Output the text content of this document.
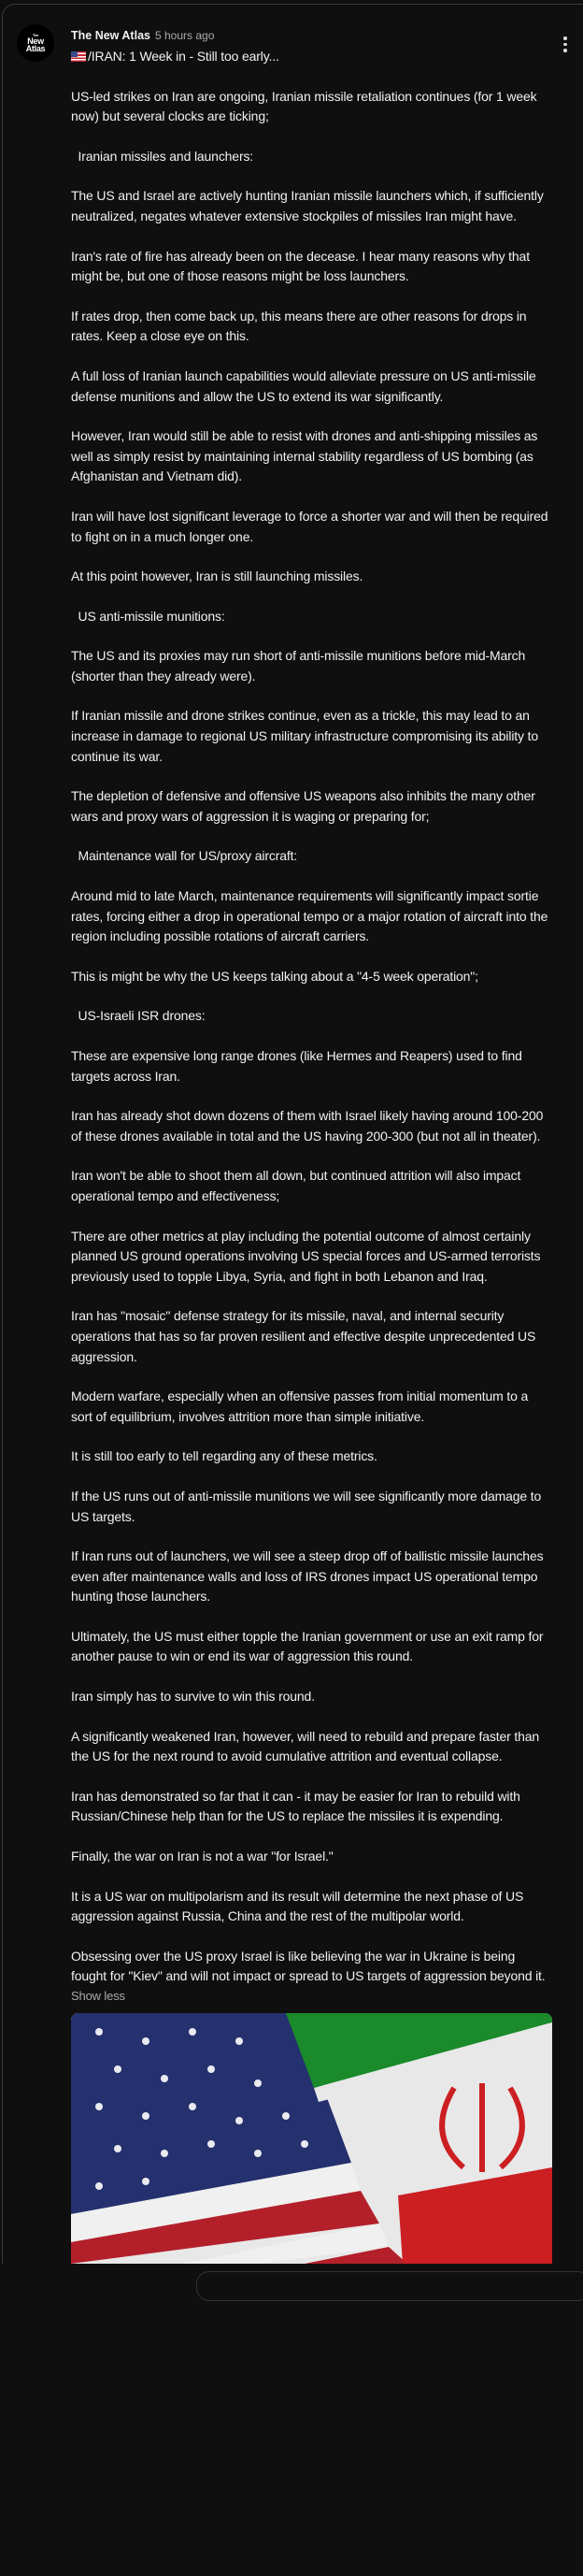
The
New
Atlas
The New Atlas 5 hours ago
/IRAN: 1 Week in - Still too early...
US-led strikes on Iran are ongoing, Iranian missile retaliation continues (for 1 week now) but several clocks are ticking;
Iranian missiles and launchers:
The US and Israel are actively hunting Iranian missile launchers which, if sufficiently neutralized, negates whatever extensive stockpiles of missiles Iran might have.
Iran's rate of fire has already been on the decease. I hear many reasons why that might be, but one of those reasons might be loss launchers.
If rates drop, then come back up, this means there are other reasons for drops in rates. Keep a close eye on this.
A full loss of Iranian launch capabilities would alleviate pressure on US anti-missile defense munitions and allow the US to extend its war significantly.
However, Iran would still be able to resist with drones and anti-shipping missiles as well as simply resist by maintaining internal stability regardless of US bombing (as Afghanistan and Vietnam did).
Iran will have lost significant leverage to force a shorter war and will then be required to fight on in a much longer one.
At this point however, Iran is still launching missiles.
US anti-missile munitions:
The US and its proxies may run short of anti-missile munitions before mid-March (shorter than they already were).
If Iranian missile and drone strikes continue, even as a trickle, this may lead to an increase in damage to regional US military infrastructure compromising its ability to continue its war.
The depletion of defensive and offensive US weapons also inhibits the many other wars and proxy wars of aggression it is waging or preparing for;
Maintenance wall for US/proxy aircraft:
Around mid to late March, maintenance requirements will significantly impact sortie rates, forcing either a drop in operational tempo or a major rotation of aircraft into the region including possible rotations of aircraft carriers.
This is might be why the US keeps talking about a "4-5 week operation";
US-Israeli ISR drones:
These are expensive long range drones (like Hermes and Reapers) used to find targets across Iran.
Iran has already shot down dozens of them with Israel likely having around 100-200 of these drones available in total and the US having 200-300 (but not all in theater).
Iran won't be able to shoot them all down, but continued attrition will also impact operational tempo and effectiveness;
There are other metrics at play including the potential outcome of almost certainly planned US ground operations involving US special forces and US-armed terrorists previously used to topple Libya, Syria, and fight in both Lebanon and Iraq.
Iran has "mosaic" defense strategy for its missile, naval, and internal security operations that has so far proven resilient and effective despite unprecedented US aggression.
Modern warfare, especially when an offensive passes from initial momentum to a sort of equilibrium, involves attrition more than simple initiative.
It is still too early to tell regarding any of these metrics.
If the US runs out of anti-missile munitions we will see significantly more damage to US targets.
If Iran runs out of launchers, we will see a steep drop off of ballistic missile launches even after maintenance walls and loss of IRS drones impact US operational tempo hunting those launchers.
Ultimately, the US must either topple the Iranian government or use an exit ramp for another pause to win or end its war of aggression this round.
Iran simply has to survive to win this round.
A significantly weakened Iran, however, will need to rebuild and prepare faster than the US for the next round to avoid cumulative attrition and eventual collapse.
Iran has demonstrated so far that it can - it may be easier for Iran to rebuild with Russian/Chinese help than for the US to replace the missiles it is expending.
Finally, the war on Iran is not a war "for Israel."
It is a US war on multipolarism and its result will determine the next phase of US aggression against Russia, China and the rest of the multipolar world.
Obsessing over the US proxy Israel is like believing the war in Ukraine is being fought for "Kiev" and will not impact or spread to US targets of aggression beyond it.
Show less
